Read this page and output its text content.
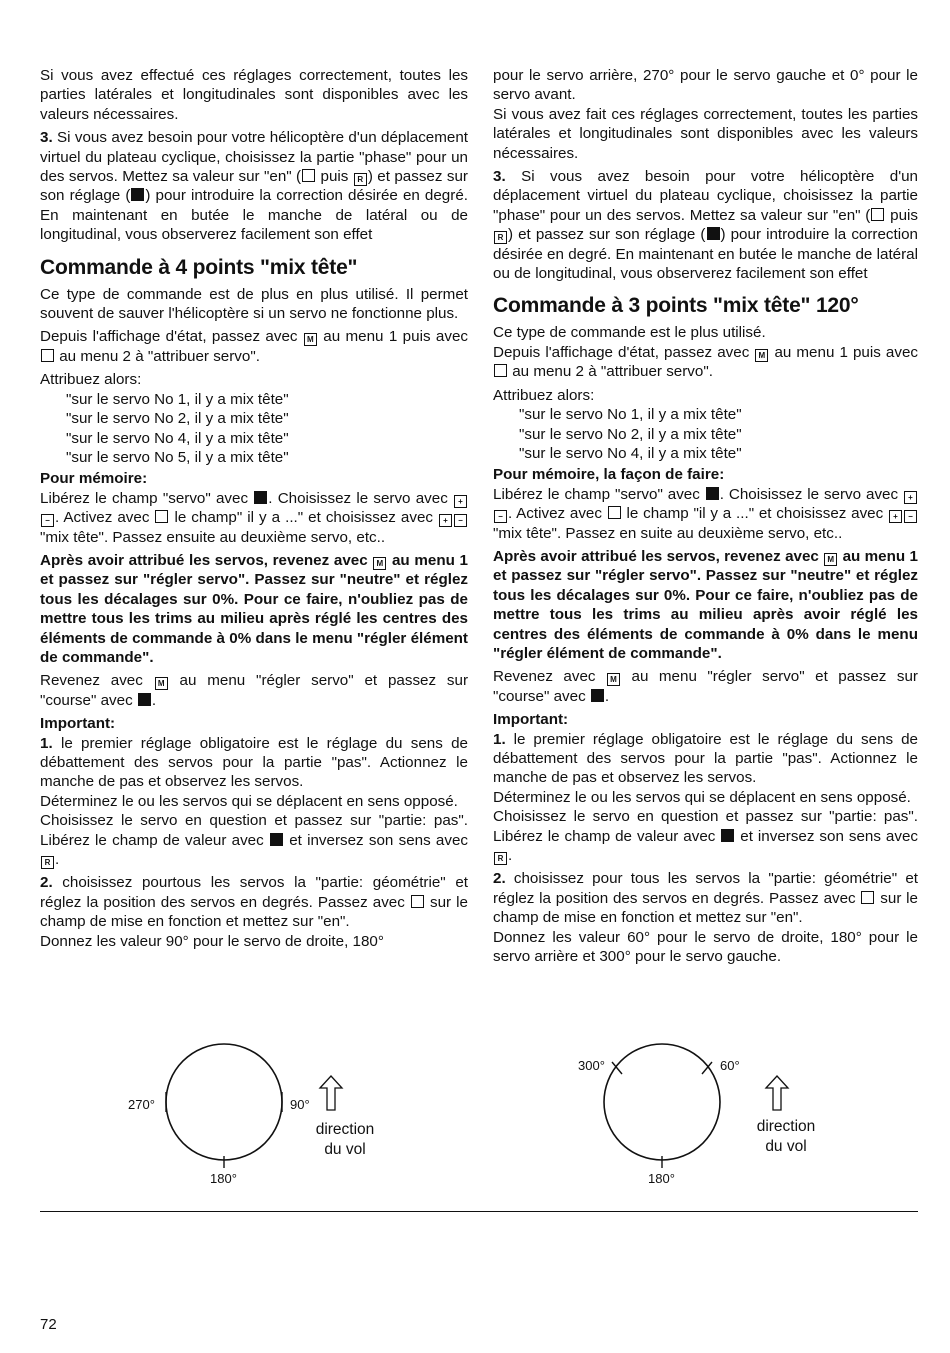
Si vous avez effectué ces réglages correctement, toutes les parties latérales et longitudinales sont disponibles avec les valeurs nécessaires.

3. Si vous avez besoin pour votre hélicoptère d'un déplacement virtuel du plateau cyclique, choisissez la partie "phase" pour un des servos. Mettez sa valeur sur "en" ( puis R ) et passez sur son réglage ( ) pour introduire la correction désirée en degré. En maintenant en butée le manche de latéral ou de longitudinal, vous observerez facilement son effet

Commande à 4 points "mix tête"

Ce type de commande est de plus en plus utilisé. Il permet souvent de sauver l'hélicoptère si un servo ne fonctionne plus.

Depuis l'affichage d'état, passez avec M au menu 1 puis avec  au menu 2 à "attribuer servo".

Attribuez alors:

"sur le servo No 1, il y a mix tête"

"sur le servo No 2, il y a mix tête"

"sur le servo No 4, il y a mix tête"

"sur le servo No 5, il y a mix tête"

Pour mémoire:

Libérez le champ "servo" avec . Choisissez le servo avec +− . Activez avec  le champ" il y a ..." et choisissez avec + − "mix tête". Passez ensuite au deuxième servo, etc..

Après avoir attribué les servos, revenez avec M au menu 1 et passez sur "régler servo". Passez sur "neutre" et réglez tous les décalages sur 0%. Pour ce faire, n'oubliez pas de mettre tous les trims au milieu après réglé les centres des éléments de commande à 0% dans le menu "régler élément de commande".

Revenez avec M au menu "régler servo" et passez sur "course" avec .

Important:

1. le premier réglage obligatoire est le réglage du sens de débattement des servos pour la partie "pas". Actionnez le manche de pas et observez les servos.

Déterminez le ou les servos qui se déplacent en sens opposé.

Choisissez le servo en question et passez sur "partie: pas". Libérez le champ de valeur avec  et inversez son sens avec R .

2. choisissez pourtous les servos la "partie: géométrie" et réglez la position des servos en degrés. Passez avec  sur le champ de mise en fonction et mettez sur "en".

Donnez les valeur 90° pour le servo de droite, 180°

pour le servo arrière, 270° pour le servo gauche et 0° pour le servo avant.

Si vous avez fait ces réglages correctement, toutes les parties latérales et longitudinales sont disponibles avec les valeurs nécessaires.

3. Si vous avez besoin pour votre hélicoptère d'un déplacement virtuel du plateau cyclique, choisissez la partie "phase" pour un des servos. Mettez sa valeur sur "en" ( puis R ) et passez sur son réglage ( ) pour introduire la correction désirée en degré. En maintenant en butée le manche de latéral ou de longitudinal, vous observerez facilement son effet

Commande à 3 points "mix tête" 120°

Ce type de commande est le plus utilisé.

Depuis l'affichage d'état, passez avec M au menu 1 puis avec  au menu 2 à "attribuer servo".

Attribuez alors:

"sur le servo No 1, il y a mix tête"

"sur le servo No 2, il y a mix tête"

"sur le servo No 4, il y a mix tête"

Pour mémoire, la façon de faire:

Libérez le champ "servo" avec . Choisissez le servo avec +− . Activez avec  le champ "il y a ..." et choisissez avec + − "mix tête". Passez en suite au deuxième servo, etc..

Après avoir attribué les servos, revenez avec M au menu 1 et passez sur "régler servo". Passez sur "neutre" et réglez tous les décalages sur 0%. Pour ce faire, n'oubliez pas de mettre tous les trims au milieu après avoir réglé les centres des éléments de commande à 0% dans le menu "régler élément de commande".

Revenez avec M au menu "régler servo" et passez sur "course" avec .

Important:

1. le premier réglage obligatoire est le réglage du sens de débattement des servos pour la partie "pas". Actionnez le manche de pas et observez les servos.

Déterminez le ou les servos qui se déplacent en sens opposé.

Choisissez le servo en question et passez sur "partie: pas". Libérez le champ de valeur avec  et inversez son sens avec R .

2. choisissez pour tous les servos la "partie: géométrie" et réglez la position des servos en degrés. Passez avec  sur le champ de mise en fonction et mettez sur "en".

Donnez les valeur 60° pour le servo de droite, 180° pour le servo arrière et 300° pour le servo gauche.

270°	90°
180°
direction
du vol
300°	60°
180°
direction
du vol
72
